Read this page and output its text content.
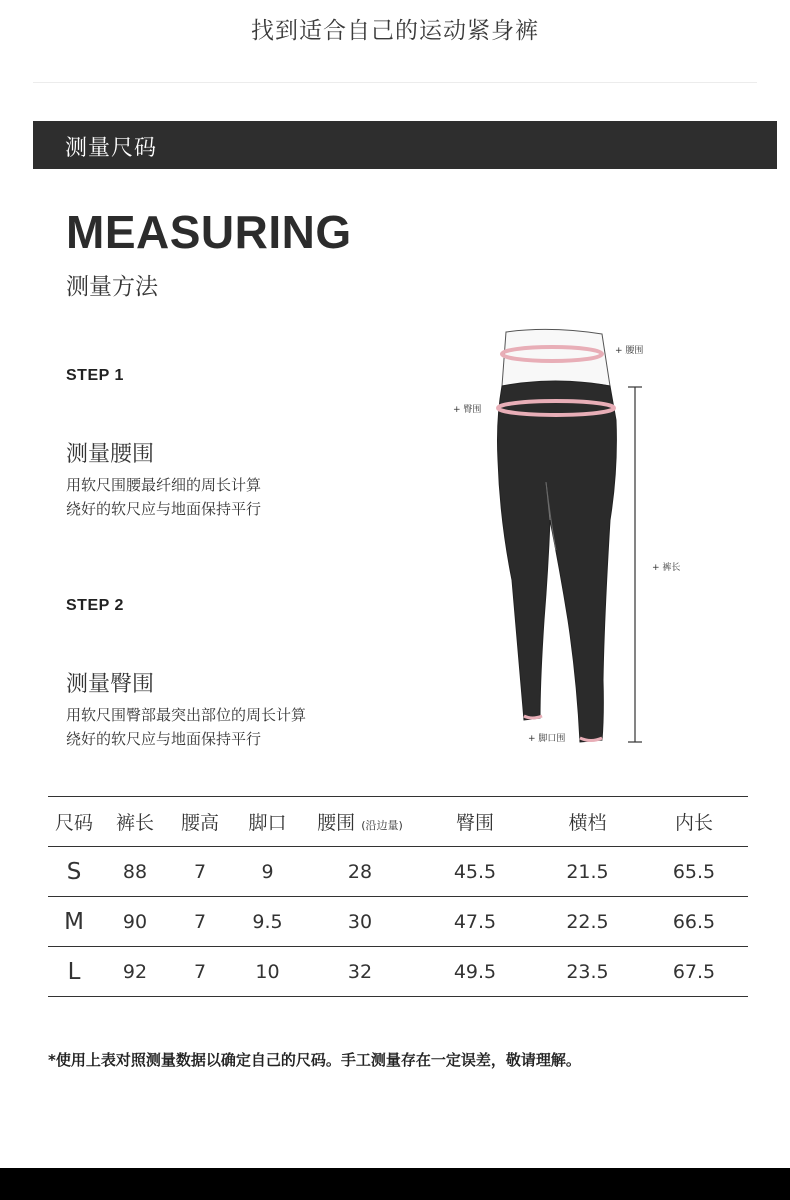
找到适合自己的运动紧身裤
测量尺码
MEASURING
测量方法
STEP 1
测量腰围
用软尺围腰最纤细的周长计算
绕好的软尺应与地面保持平行
STEP 2
测量臀围
用软尺围臀部最突出部位的周长计算
绕好的软尺应与地面保持平行
+ 腰围
+ 臀围
+ 裤长
+ 脚口围
尺码	裤长	腰高	脚口	腰围 (沿边量)	臀围	横档	内长
S	88	7	9	28	45.5	21.5	65.5
M	90	7	9.5	30	47.5	22.5	66.5
L	92	7	10	32	49.5	23.5	67.5
*使用上表对照测量数据以确定自己的尺码。手工测量存在一定误差，敬请理解。
